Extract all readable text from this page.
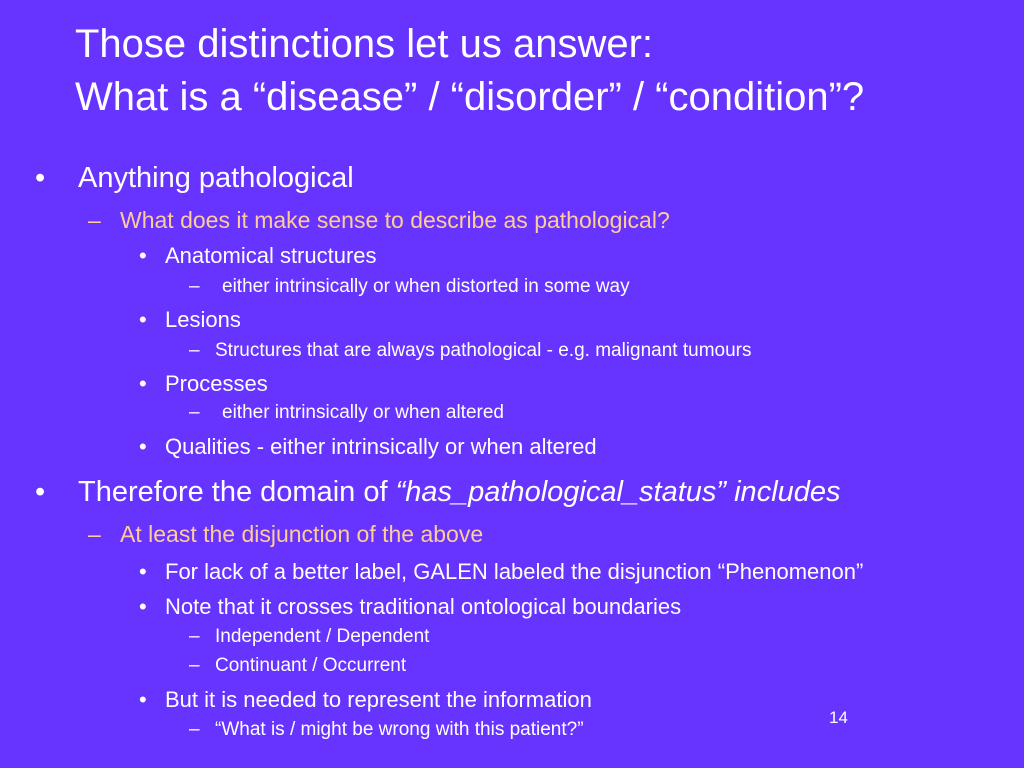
Those distinctions let us answer:
What is a “disease” / “disorder” / “condition”?
• Anything pathological
– What does it make sense to describe as pathological?
• Anatomical structures
– either intrinsically or when distorted in some way
• Lesions
– Structures that are always pathological - e.g. malignant tumours
• Processes
– either intrinsically or when altered
• Qualities - either intrinsically or when altered
• Therefore the domain of “has_pathological_status” includes
– At least the disjunction of the above
• For lack of a better label, GALEN labeled the disjunction “Phenomenon”
• Note that it crosses traditional ontological boundaries
– Independent / Dependent
– Continuant / Occurrent
• But it is needed to represent the information
– “What is / might be wrong with this patient?”
14
